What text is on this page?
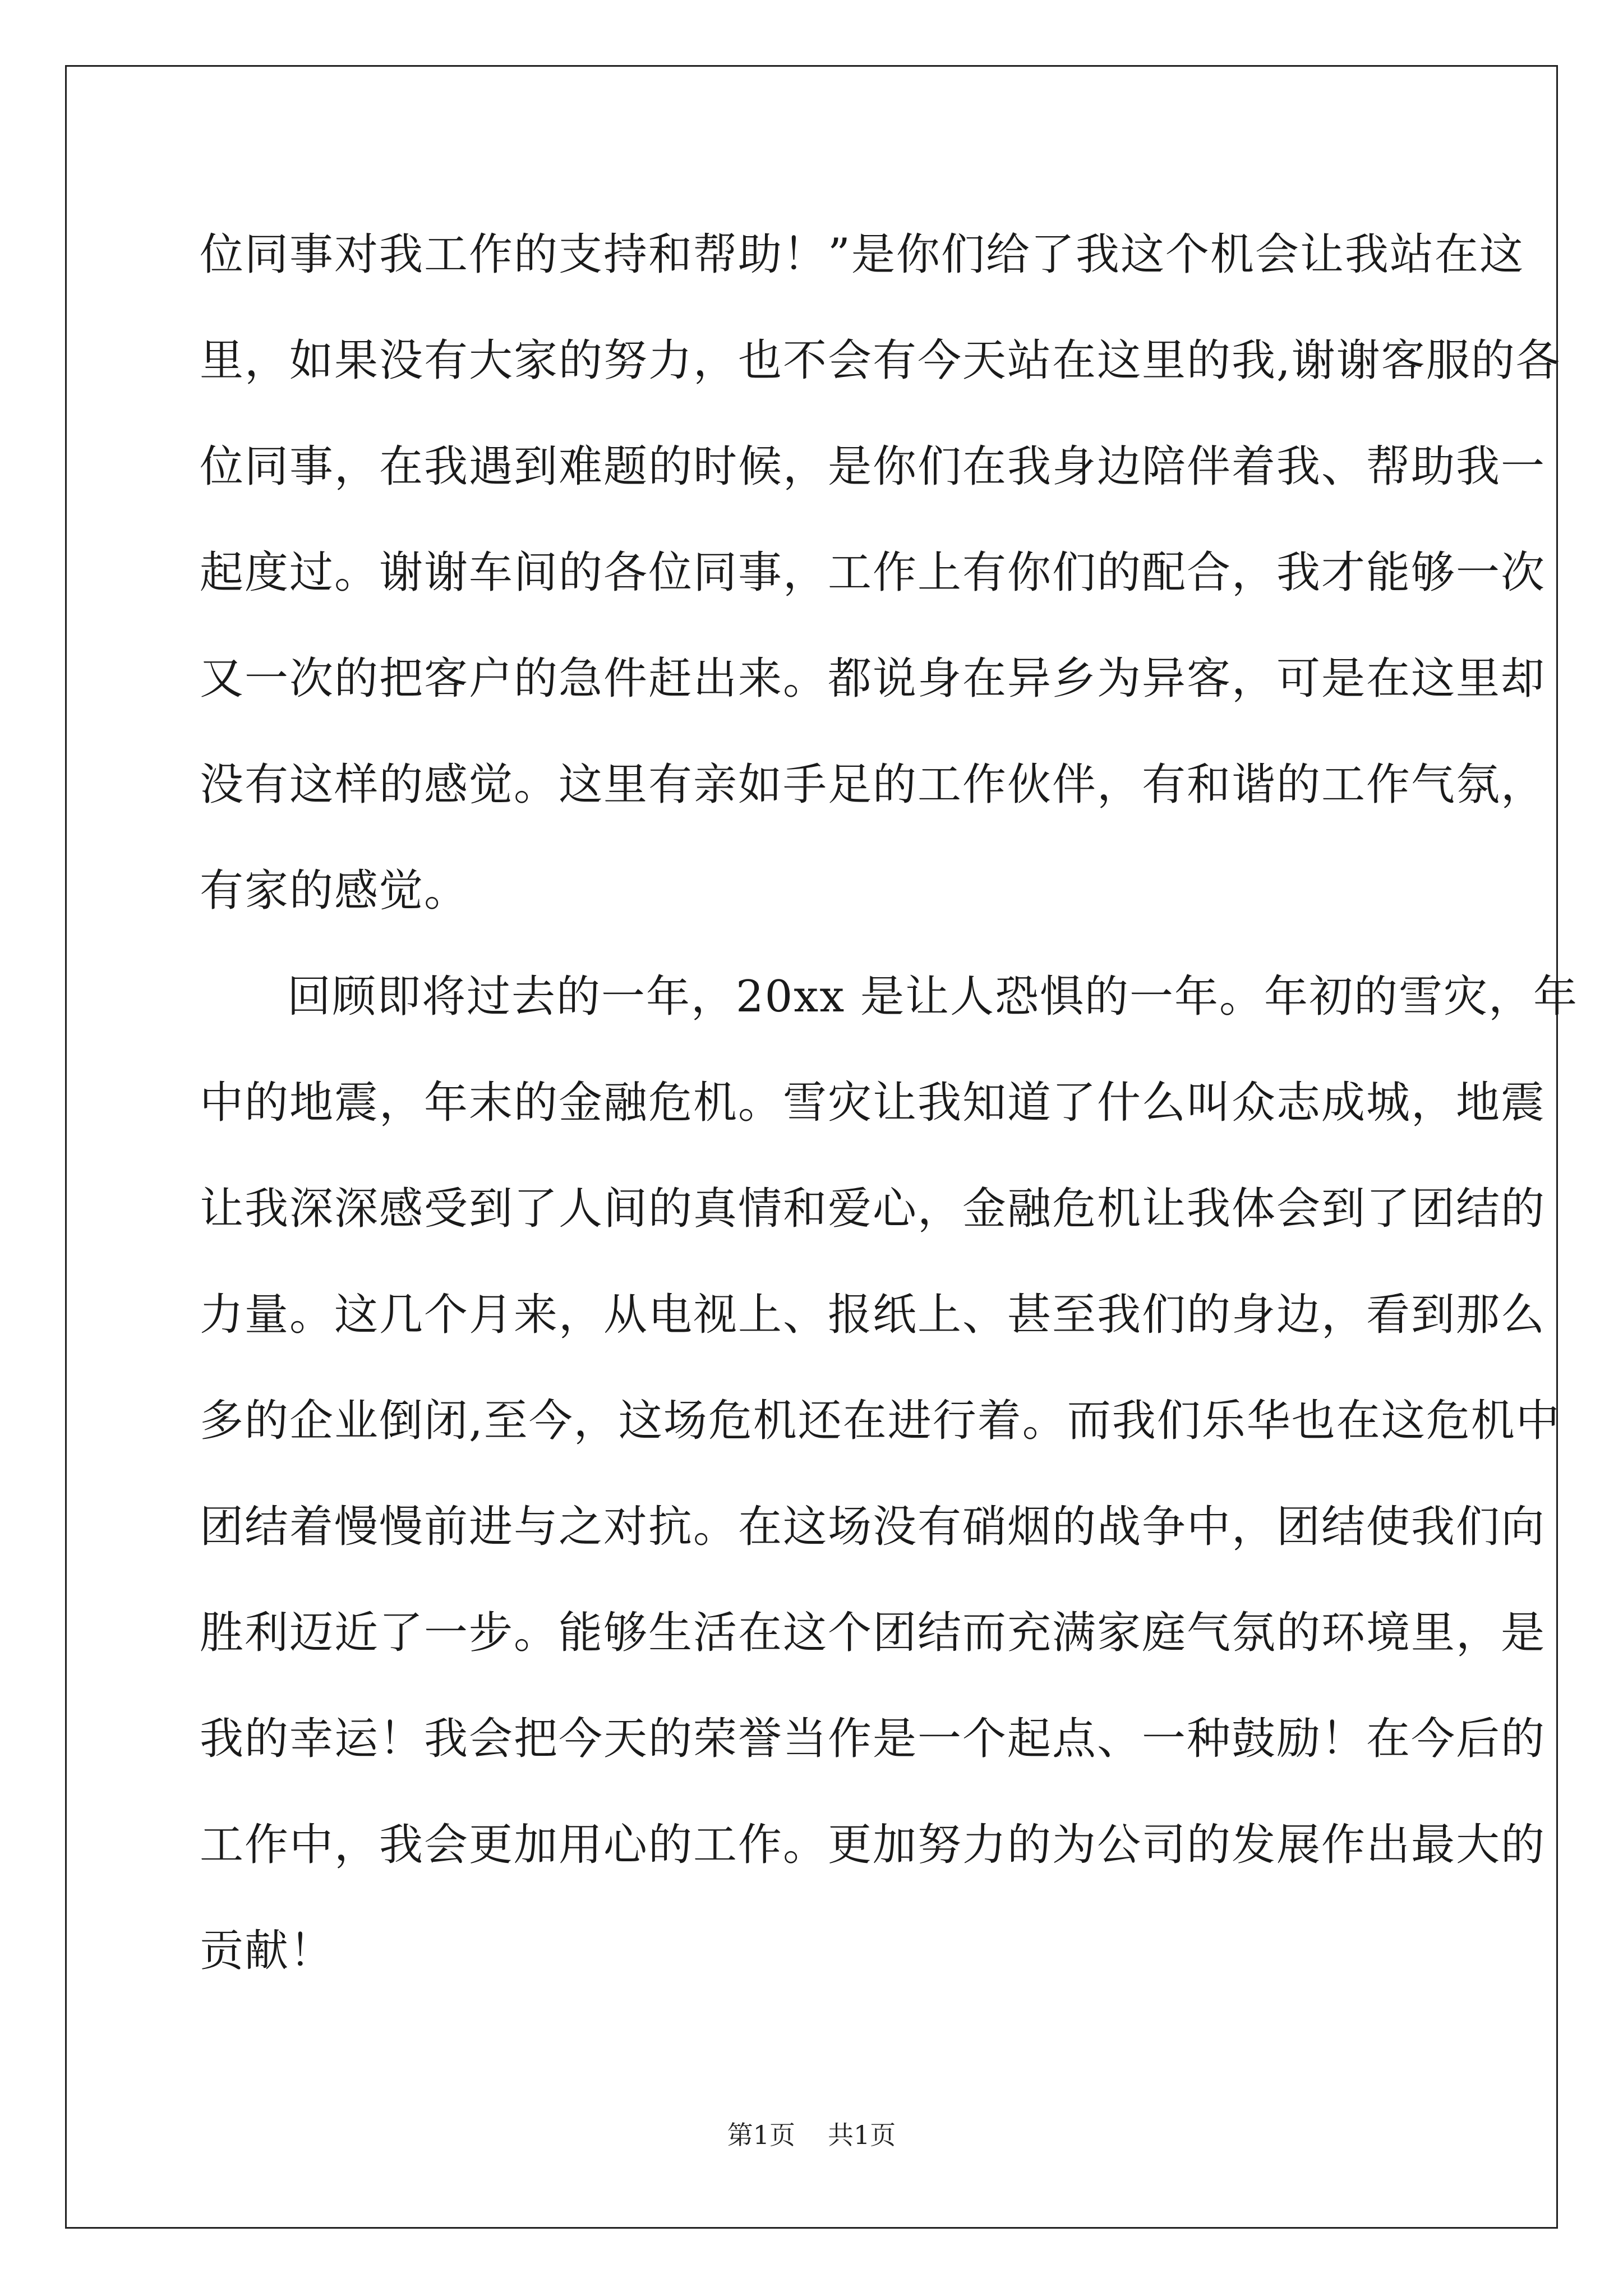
位同事对我工作的支持和帮助！”是你们给了我这个机会让我站在这
里，如果没有大家的努力，也不会有今天站在这里的我,谢谢客服的各
位同事，在我遇到难题的时候，是你们在我身边陪伴着我、帮助我一
起度过。谢谢车间的各位同事，工作上有你们的配合，我才能够一次
又一次的把客户的急件赶出来。都说身在异乡为异客，可是在这里却
没有这样的感觉。这里有亲如手足的工作伙伴，有和谐的工作气氛，
有家的感觉。

回顾即将过去的一年，20xx 是让人恐惧的一年。年初的雪灾，年
中的地震，年末的金融危机。雪灾让我知道了什么叫众志成城，地震
让我深深感受到了人间的真情和爱心，金融危机让我体会到了团结的
力量。这几个月来，从电视上、报纸上、甚至我们的身边，看到那么
多的企业倒闭,至今，这场危机还在进行着。而我们乐华也在这危机中
团结着慢慢前进与之对抗。在这场没有硝烟的战争中，团结使我们向
胜利迈近了一步。能够生活在这个团结而充满家庭气氛的环境里，是
我的幸运！我会把今天的荣誉当作是一个起点、一种鼓励！在今后的
工作中，我会更加用心的工作。更加努力的为公司的发展作出最大的
贡献！

第1页 共1页
